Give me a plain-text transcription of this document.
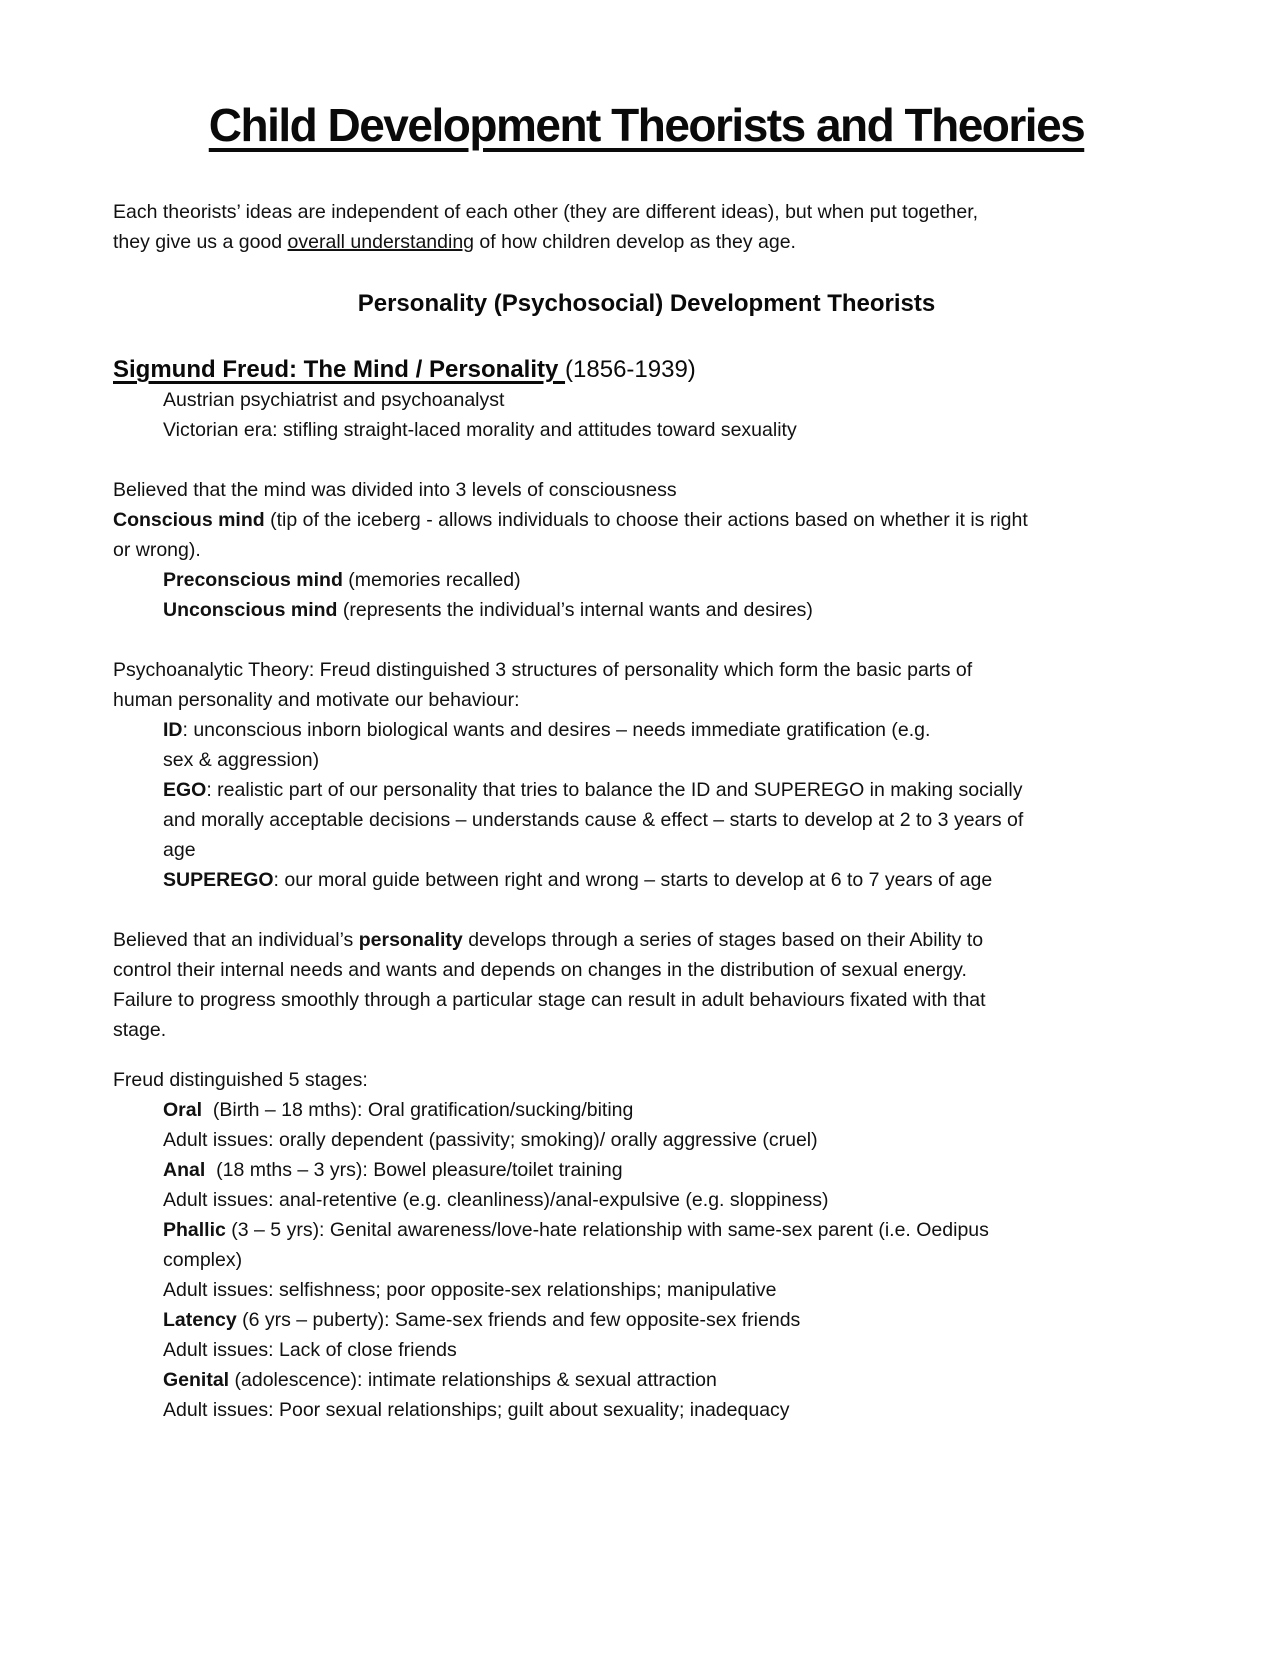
Child Development Theorists and Theories
Each theorists’ ideas are independent of each other (they are different ideas), but when put together,
they give us a good overall understanding of how children develop as they age.
Personality (Psychosocial) Development Theorists
Sigmund Freud: The Mind / Personality (1856-1939)
Austrian psychiatrist and psychoanalyst
Victorian era: stifling straight-laced morality and attitudes toward sexuality
Believed that the mind was divided into 3 levels of consciousness
Conscious mind (tip of the iceberg - allows individuals to choose their actions based on whether it is right
or wrong).
Preconscious mind (memories recalled)
Unconscious mind (represents the individual’s internal wants and desires)
Psychoanalytic Theory: Freud distinguished 3 structures of personality which form the basic parts of
human personality and motivate our behaviour:
ID: unconscious inborn biological wants and desires – needs immediate gratification (e.g.
sex & aggression)
EGO: realistic part of our personality that tries to balance the ID and SUPEREGO in making socially
and morally acceptable decisions – understands cause & effect – starts to develop at 2 to 3 years of
age
SUPEREGO: our moral guide between right and wrong – starts to develop at 6 to 7 years of age
Believed that an individual’s personality develops through a series of stages based on their Ability to
control their internal needs and wants and depends on changes in the distribution of sexual energy.
Failure to progress smoothly through a particular stage can result in adult behaviours fixated with that
stage.
Freud distinguished 5 stages:
Oral  (Birth – 18 mths): Oral gratification/sucking/biting
Adult issues: orally dependent (passivity; smoking)/ orally aggressive (cruel)
Anal  (18 mths – 3 yrs): Bowel pleasure/toilet training
Adult issues: anal-retentive (e.g. cleanliness)/anal-expulsive (e.g. sloppiness)
Phallic (3 – 5 yrs): Genital awareness/love-hate relationship with same-sex parent (i.e. Oedipus
complex)
Adult issues: selfishness; poor opposite-sex relationships; manipulative
Latency (6 yrs – puberty): Same-sex friends and few opposite-sex friends
Adult issues: Lack of close friends
Genital (adolescence): intimate relationships & sexual attraction
Adult issues: Poor sexual relationships; guilt about sexuality; inadequacy
